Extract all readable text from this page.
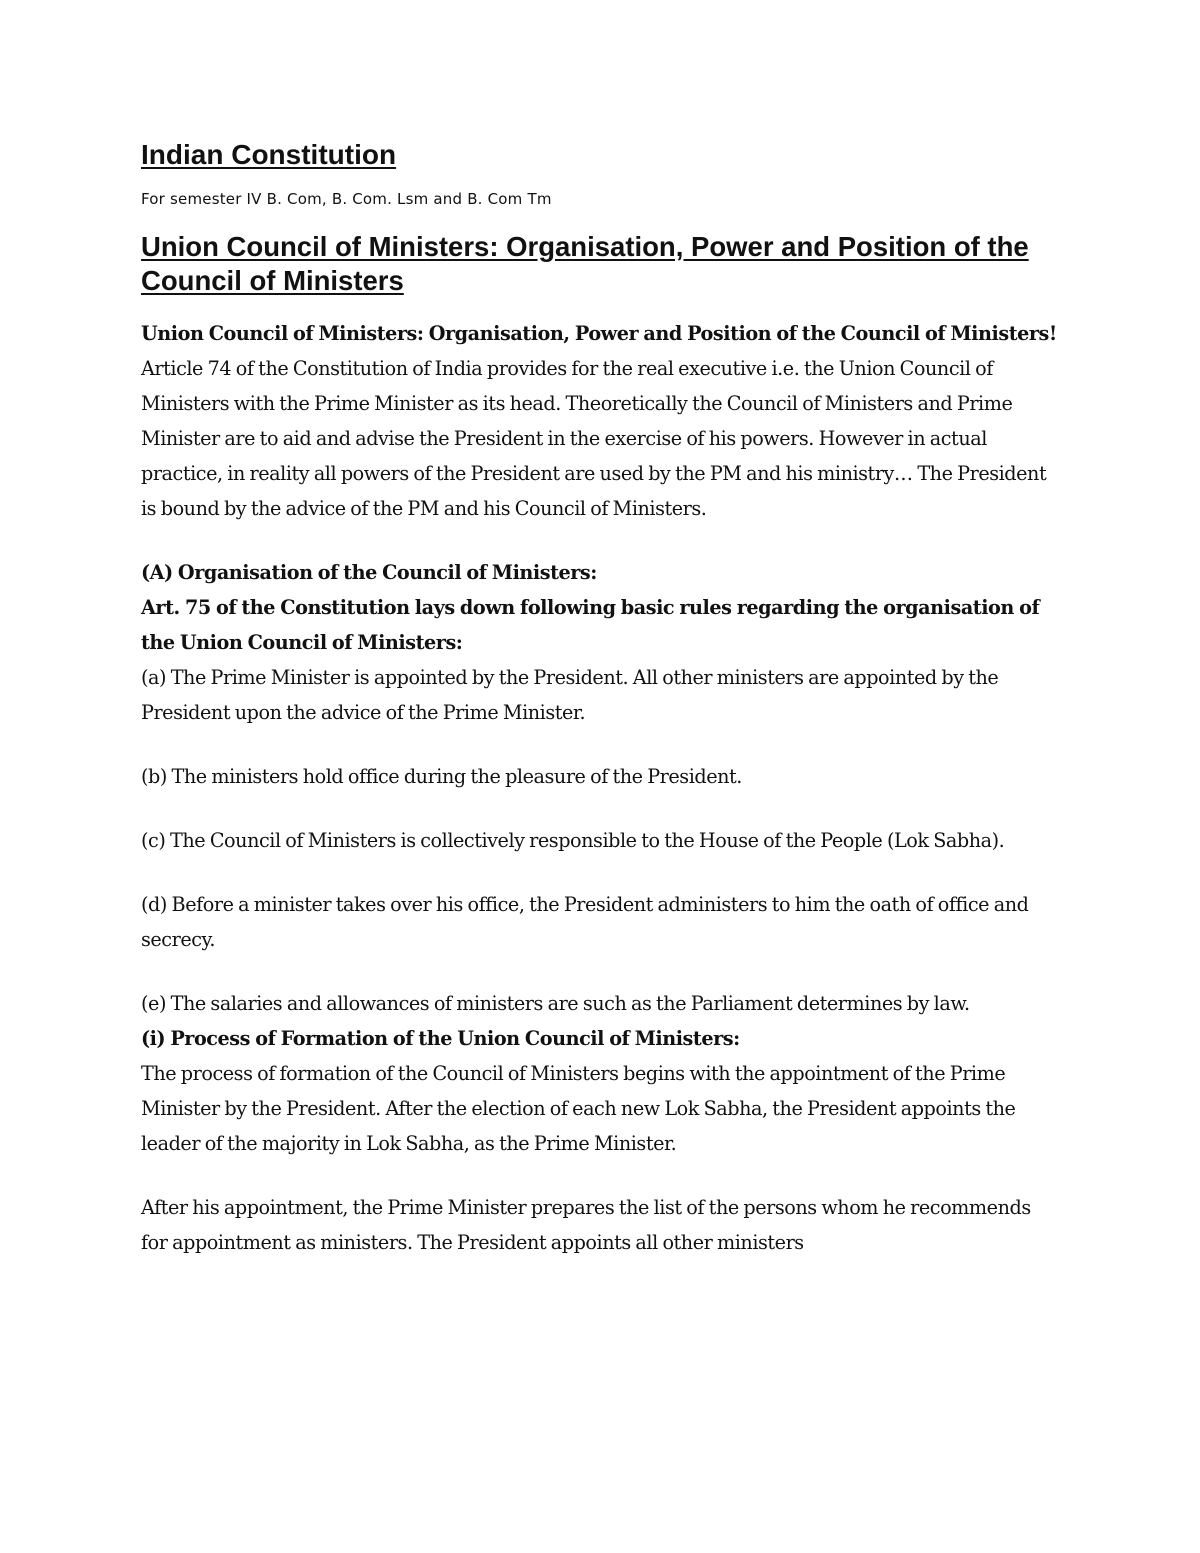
Indian Constitution

For semester IV B. Com, B. Com. Lsm and B. Com Tm

Union Council of Ministers: Organisation, Power and Position of the Council of Ministers

Union Council of Ministers: Organisation, Power and Position of the Council of Ministers!

Article 74 of the Constitution of India provides for the real executive i.e. the Union Council of Ministers with the Prime Minister as its head. Theoretically the Council of Ministers and Prime Minister are to aid and advise the President in the exercise of his powers. However in actual practice, in reality all powers of the President are used by the PM and his ministry… The President is bound by the advice of the PM and his Council of Ministers.

(A) Organisation of the Council of Ministers:

Art. 75 of the Constitution lays down following basic rules regarding the organisation of the Union Council of Ministers:

(a) The Prime Minister is appointed by the President. All other ministers are appointed by the President upon the advice of the Prime Minister.

(b) The ministers hold office during the pleasure of the President.

(c) The Council of Ministers is collectively responsible to the House of the People (Lok Sabha).

(d) Before a minister takes over his office, the President administers to him the oath of office and secrecy.

(e) The salaries and allowances of ministers are such as the Parliament determines by law.

(i) Process of Formation of the Union Council of Ministers:

The process of formation of the Council of Ministers begins with the appointment of the Prime Minister by the President. After the election of each new Lok Sabha, the President appoints the leader of the majority in Lok Sabha, as the Prime Minister.

After his appointment, the Prime Minister prepares the list of the persons whom he recommends for appointment as ministers. The President appoints all other ministers
